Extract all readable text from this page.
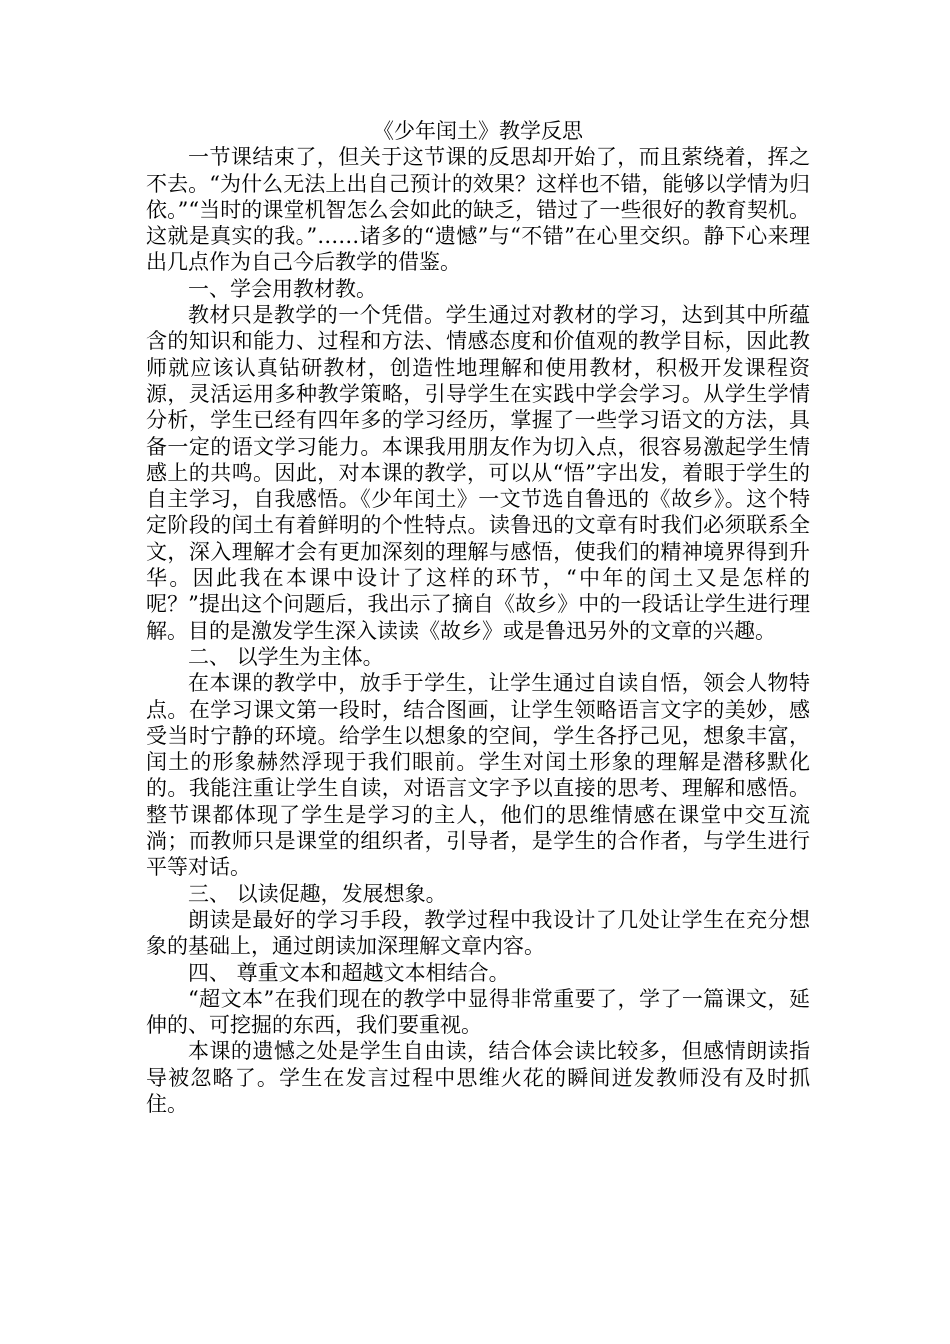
《少年闰土》教学反思

一节课结束了，但关于这节课的反思却开始了，而且萦绕着，挥之不去。“为什么无法上出自己预计的效果？这样也不错，能够以学情为归依。”“当时的课堂机智怎么会如此的缺乏，错过了一些很好的教育契机。这就是真实的我。”……诸多的“遗憾”与“不错”在心里交织。静下心来理出几点作为自己今后教学的借鉴。

一、学会用教材教。

教材只是教学的一个凭借。学生通过对教材的学习，达到其中所蕴含的知识和能力、过程和方法、情感态度和价值观的教学目标，因此教师就应该认真钻研教材，创造性地理解和使用教材，积极开发课程资源，灵活运用多种教学策略，引导学生在实践中学会学习。从学生学情分析，学生已经有四年多的学习经历，掌握了一些学习语文的方法，具备一定的语文学习能力。本课我用朋友作为切入点，很容易激起学生情感上的共鸣。因此，对本课的教学，可以从“悟”字出发，着眼于学生的自主学习，自我感悟。《少年闰土》一文节选自鲁迅的《故乡》。这个特定阶段的闰土有着鲜明的个性特点。读鲁迅的文章有时我们必须联系全文，深入理解才会有更加深刻的理解与感悟，使我们的精神境界得到升华。因此我在本课中设计了这样的环节，“中年的闰土又是怎样的呢？”提出这个问题后，我出示了摘自《故乡》中的一段话让学生进行理解。目的是激发学生深入读读《故乡》或是鲁迅另外的文章的兴趣。

二、 以学生为主体。

在本课的教学中，放手于学生，让学生通过自读自悟，领会人物特点。在学习课文第一段时，结合图画，让学生领略语言文字的美妙，感受当时宁静的环境。给学生以想象的空间，学生各抒己见，想象丰富，闰土的形象赫然浮现于我们眼前。学生对闰土形象的理解是潜移默化的。我能注重让学生自读，对语言文字予以直接的思考、理解和感悟。整节课都体现了学生是学习的主人，他们的思维情感在课堂中交互流淌；而教师只是课堂的组织者，引导者，是学生的合作者，与学生进行平等对话。

三、 以读促趣，发展想象。

朗读是最好的学习手段，教学过程中我设计了几处让学生在充分想象的基础上，通过朗读加深理解文章内容。

四、 尊重文本和超越文本相结合。

“超文本”在我们现在的教学中显得非常重要了，学了一篇课文，延伸的、可挖掘的东西，我们要重视。

本课的遗憾之处是学生自由读，结合体会读比较多，但感情朗读指导被忽略了。学生在发言过程中思维火花的瞬间迸发教师没有及时抓住。
